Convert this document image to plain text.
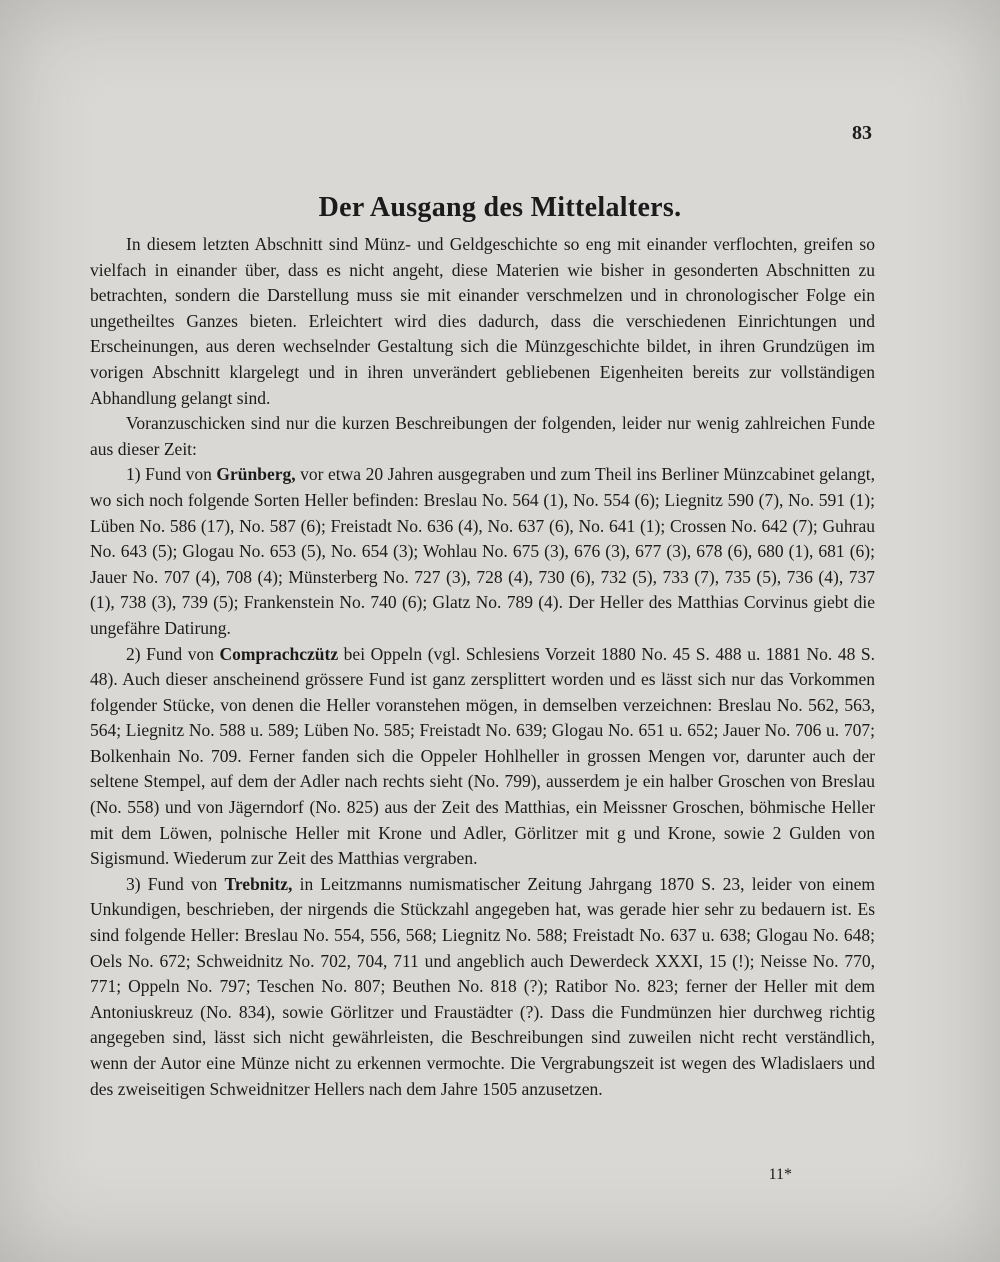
83
Der Ausgang des Mittelalters.

In diesem letzten Abschnitt sind Münz- und Geldgeschichte so eng mit einander verflochten, greifen so vielfach in einander über, dass es nicht angeht, diese Materien wie bisher in gesonderten Abschnitten zu betrachten, sondern die Darstellung muss sie mit einander verschmelzen und in chronologischer Folge ein ungetheiltes Ganzes bieten. Erleichtert wird dies dadurch, dass die verschiedenen Einrichtungen und Erscheinungen, aus deren wechselnder Gestaltung sich die Münzgeschichte bildet, in ihren Grundzügen im vorigen Abschnitt klargelegt und in ihren unverändert gebliebenen Eigenheiten bereits zur vollständigen Abhandlung gelangt sind.

Voranzuschicken sind nur die kurzen Beschreibungen der folgenden, leider nur wenig zahlreichen Funde aus dieser Zeit:

1) Fund von Grünberg, vor etwa 20 Jahren ausgegraben und zum Theil ins Berliner Münzcabinet gelangt, wo sich noch folgende Sorten Heller befinden: Breslau No. 564 (1), No. 554 (6); Liegnitz 590 (7), No. 591 (1); Lüben No. 586 (17), No. 587 (6); Freistadt No. 636 (4), No. 637 (6), No. 641 (1); Crossen No. 642 (7); Guhrau No. 643 (5); Glogau No. 653 (5), No. 654 (3); Wohlau No. 675 (3), 676 (3), 677 (3), 678 (6), 680 (1), 681 (6); Jauer No. 707 (4), 708 (4); Münsterberg No. 727 (3), 728 (4), 730 (6), 732 (5), 733 (7), 735 (5), 736 (4), 737 (1), 738 (3), 739 (5); Frankenstein No. 740 (6); Glatz No. 789 (4). Der Heller des Matthias Corvinus giebt die ungefähre Datirung.

2) Fund von Comprachczütz bei Oppeln (vgl. Schlesiens Vorzeit 1880 No. 45 S. 488 u. 1881 No. 48 S. 48). Auch dieser anscheinend grössere Fund ist ganz zersplittert worden und es lässt sich nur das Vorkommen folgender Stücke, von denen die Heller voranstehen mögen, in demselben verzeichnen: Breslau No. 562, 563, 564; Liegnitz No. 588 u. 589; Lüben No. 585; Freistadt No. 639; Glogau No. 651 u. 652; Jauer No. 706 u. 707; Bolkenhain No. 709. Ferner fanden sich die Oppeler Hohlheller in grossen Mengen vor, darunter auch der seltene Stempel, auf dem der Adler nach rechts sieht (No. 799), ausserdem je ein halber Groschen von Breslau (No. 558) und von Jägerndorf (No. 825) aus der Zeit des Matthias, ein Meissner Groschen, böhmische Heller mit dem Löwen, polnische Heller mit Krone und Adler, Görlitzer mit g und Krone, sowie 2 Gulden von Sigismund. Wiederum zur Zeit des Matthias vergraben.

3) Fund von Trebnitz, in Leitzmanns numismatischer Zeitung Jahrgang 1870 S. 23, leider von einem Unkundigen, beschrieben, der nirgends die Stückzahl angegeben hat, was gerade hier sehr zu bedauern ist. Es sind folgende Heller: Breslau No. 554, 556, 568; Liegnitz No. 588; Freistadt No. 637 u. 638; Glogau No. 648; Oels No. 672; Schweidnitz No. 702, 704, 711 und angeblich auch Dewerdeck XXXI, 15 (!); Neisse No. 770, 771; Oppeln No. 797; Teschen No. 807; Beuthen No. 818 (?); Ratibor No. 823; ferner der Heller mit dem Antoniuskreuz (No. 834), sowie Görlitzer und Fraustädter (?). Dass die Fundmünzen hier durchweg richtig angegeben sind, lässt sich nicht gewährleisten, die Beschreibungen sind zuweilen nicht recht verständlich, wenn der Autor eine Münze nicht zu erkennen vermochte. Die Vergrabungszeit ist wegen des Wladislaers und des zweiseitigen Schweidnitzer Hellers nach dem Jahre 1505 anzusetzen.

11*
